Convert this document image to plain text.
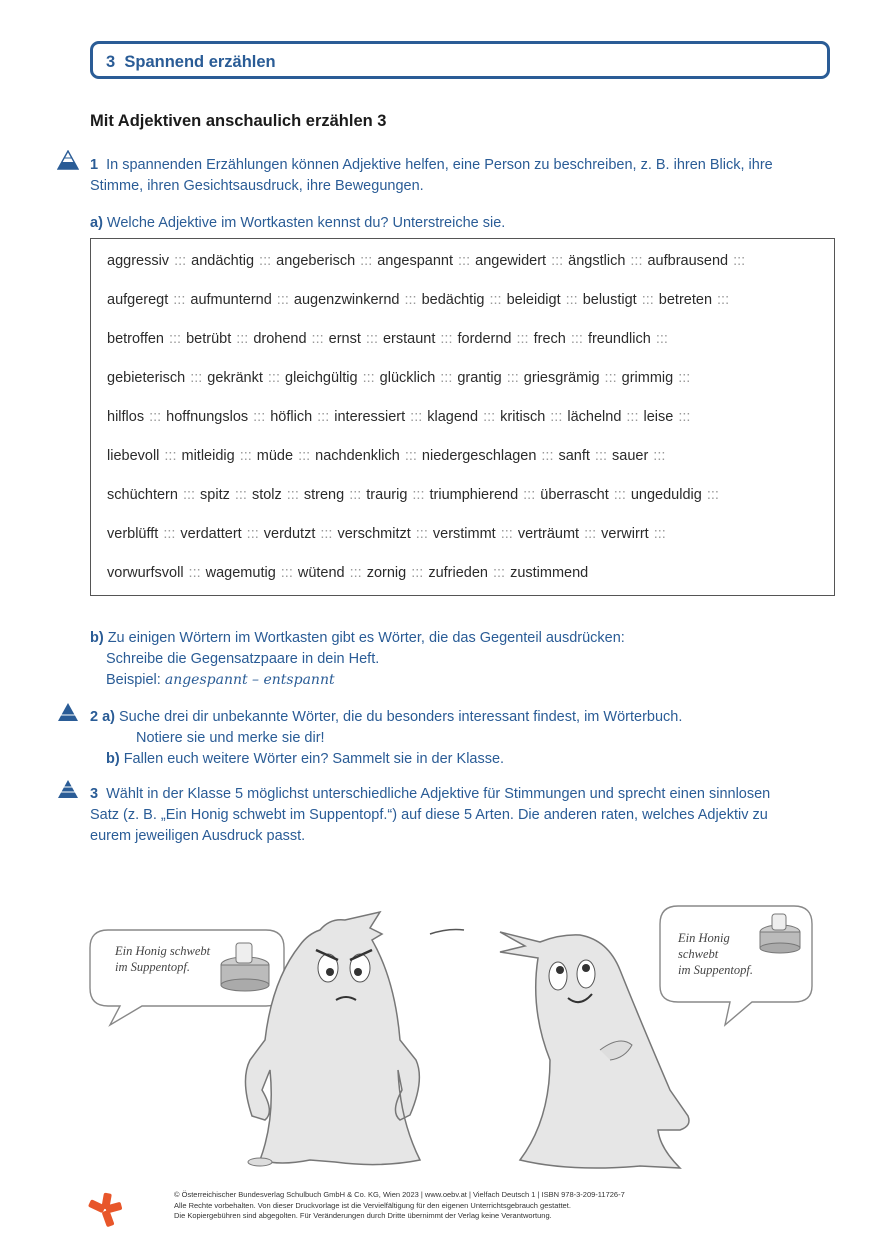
3 Spannend erzählen
Mit Adjektiven anschaulich erzählen 3
1 In spannenden Erzählungen können Adjektive helfen, eine Person zu beschreiben, z. B. ihren Blick, ihre
Stimme, ihren Gesichtsausdruck, ihre Bewegungen.
a) Welche Adjektive im Wortkasten kennst du? Unterstreiche sie.
aggressiv ::: andächtig ::: angeberisch ::: angespannt ::: angewidert ::: ängstlich ::: aufbrausend :::
aufgeregt ::: aufmunternd ::: augenzwinkernd ::: bedächtig ::: beleidigt ::: belustigt ::: betreten :::
betroffen ::: betrübt ::: drohend ::: ernst ::: erstaunt ::: fordernd ::: frech ::: freundlich :::
gebieterisch ::: gekränkt ::: gleichgültig ::: glücklich ::: grantig ::: griesgrämig ::: grimmig :::
hilflos ::: hoffnungslos ::: höflich ::: interessiert ::: klagend ::: kritisch ::: lächelnd ::: leise :::
liebevoll ::: mitleidig ::: müde ::: nachdenklich ::: niedergeschlagen ::: sanft ::: sauer :::
schüchtern ::: spitz ::: stolz ::: streng ::: traurig ::: triumphierend ::: überrascht ::: ungeduldig :::
verblüfft ::: verdattert ::: verdutzt ::: verschmitzt ::: verstimmt ::: verträumt ::: verwirrt :::
vorwurfsvoll ::: wagemutig ::: wütend ::: zornig ::: zufrieden ::: zustimmend
b) Zu einigen Wörtern im Wortkasten gibt es Wörter, die das Gegenteil ausdrücken:
Schreibe die Gegensatzpaare in dein Heft.
Beispiel: angespannt – entspannt
2 a) Suche drei dir unbekannte Wörter, die du besonders interessant findest, im Wörterbuch.
Notiere sie und merke sie dir!
b) Fallen euch weitere Wörter ein? Sammelt sie in der Klasse.
3 Wählt in der Klasse 5 möglichst unterschiedliche Adjektive für Stimmungen und sprecht einen sinnlosen
Satz (z. B. „Ein Honig schwebt im Suppentopf.“) auf diese 5 Arten. Die anderen raten, welches Adjektiv zu
eurem jeweiligen Ausdruck passt.
Ein Honig schwebt
im Suppentopf.
Ein Honig
schwebt
im Suppentopf.
© Österreichischer Bundesverlag Schulbuch GmbH & Co. KG, Wien 2023 | www.oebv.at | Vielfach Deutsch 1 | ISBN 978-3-209-11726-7
Alle Rechte vorbehalten. Von dieser Druckvorlage ist die Vervielfältigung für den eigenen Unterrichtsgebrauch gestattet.
Die Kopiergebühren sind abgegolten. Für Veränderungen durch Dritte übernimmt der Verlag keine Verantwortung.
